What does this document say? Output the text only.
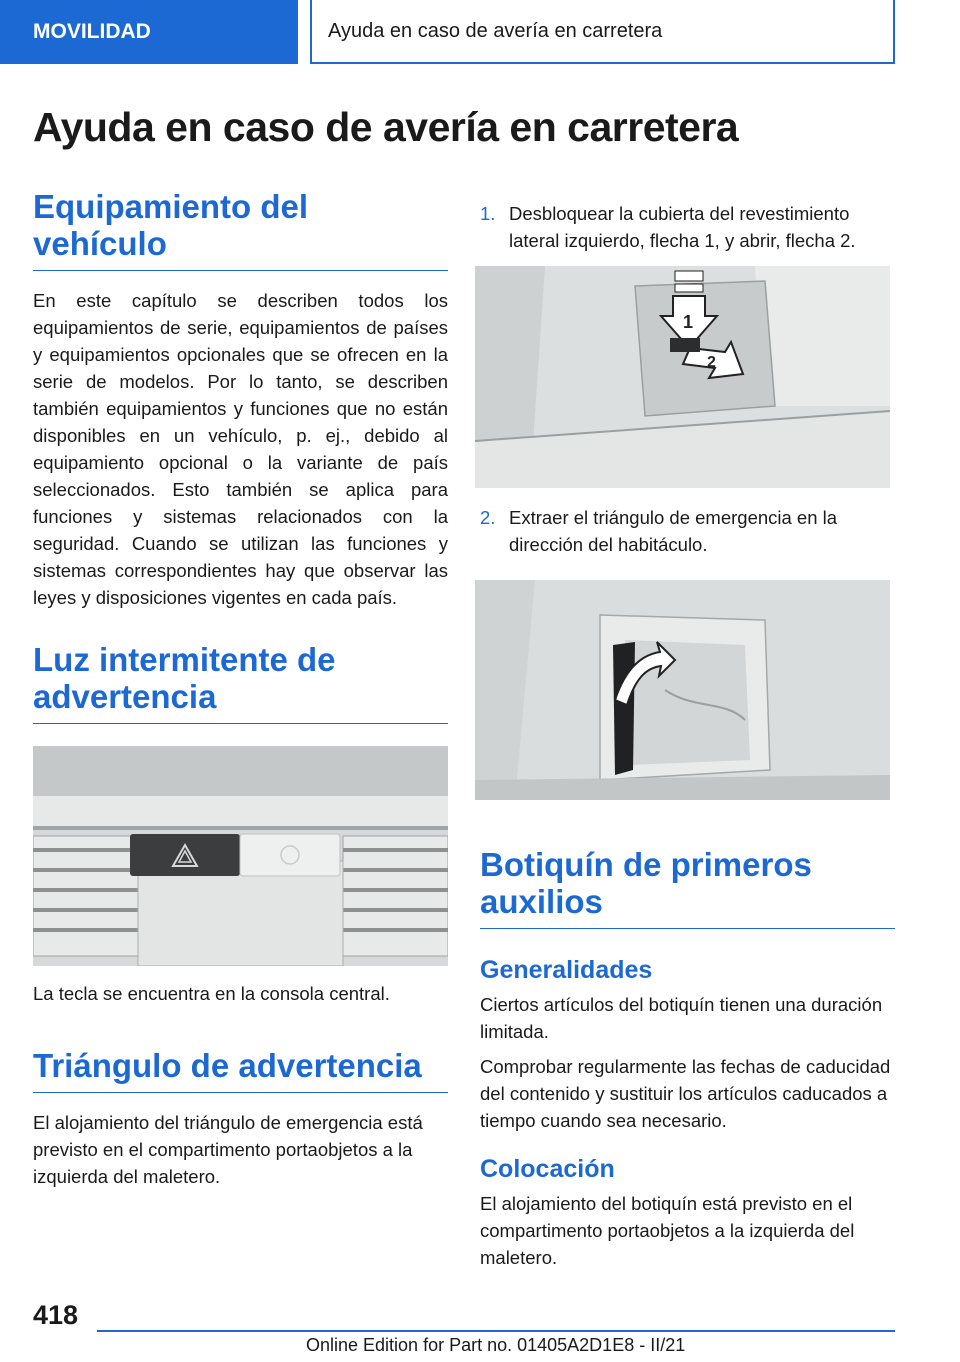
MOVILIDAD	Ayuda en caso de avería en carretera
Ayuda en caso de avería en carretera
Equipamiento del vehículo

En este capítulo se describen todos los equipamientos de serie, equipamientos de países y equipamientos opcionales que se ofrecen en la serie de modelos. Por lo tanto, se describen también equipamientos y funciones que no están disponibles en un vehículo, p. ej., debido al equipamiento opcional o la variante de país seleccionados. Esto también se aplica para funciones y sistemas relacionados con la seguridad. Cuando se utilizan las funciones y sistemas correspondientes hay que observar las leyes y disposiciones vigentes en cada país.

Luz intermitente de advertencia

La tecla se encuentra en la consola central.

Triángulo de advertencia

El alojamiento del triángulo de emergencia está previsto en el compartimento portaobjetos a la izquierda del maletero.

1. Desbloquear la cubierta del revestimiento lateral izquierdo, flecha 1, y abrir, flecha 2.
1
2
2. Extraer el triángulo de emergencia en la dirección del habitáculo.
Botiquín de primeros auxilios
Generalidades

Ciertos artículos del botiquín tienen una duración limitada.

Comprobar regularmente las fechas de caducidad del contenido y sustituir los artículos caducados a tiempo cuando sea necesario.

Colocación

El alojamiento del botiquín está previsto en el compartimento portaobjetos a la izquierda del maletero.

418
Online Edition for Part no. 01405A2D1E8 - II/21
